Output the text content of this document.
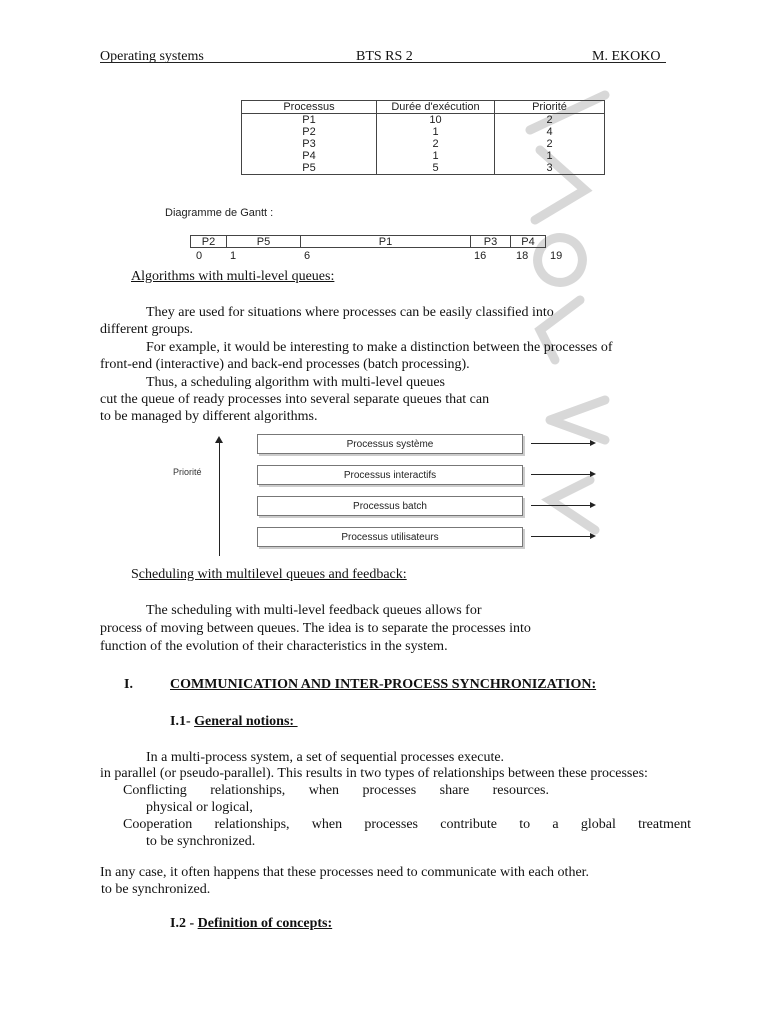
Operating systems	BTS RS 2	M. EKOKO
Processus	Durée d'exécution	Priorité
P1	10	2
P2	1	4
P3	2	2
P4	1	1
P5	5	3
Diagramme de Gantt :
P2	P5	P1	P3	P4
0	1	6	16	18 19
Algorithms with multi-level queues:
They are used for situations where processes can be easily classified into
different groups.
For example, it would be interesting to make a distinction between the processes of
front-end (interactive) and back-end processes (batch processing).
Thus, a scheduling algorithm with multi-level queues
cut the queue of ready processes into several separate queues that can
to be managed by different algorithms.
Priorité
Processus système
Processus interactifs
Processus batch
Processus utilisateurs
Scheduling with multilevel queues and feedback:
The scheduling with multi-level feedback queues allows for
process of moving between queues. The idea is to separate the processes into
function of the evolution of their characteristics in the system.
I.	COMMUNICATION AND INTER-PROCESS SYNCHRONIZATION:
I.1- General notions:
In a multi-process system, a set of sequential processes execute.
in parallel (or pseudo-parallel). This results in two types of relationships between these processes:
Conflicting relationships, when processes share resources.
physical or logical,
Cooperation relationships, when processes contribute to a global treatment
to be synchronized.
In any case, it often happens that these processes need to communicate with each other.
to be synchronized.
I.2 - Definition of concepts:
